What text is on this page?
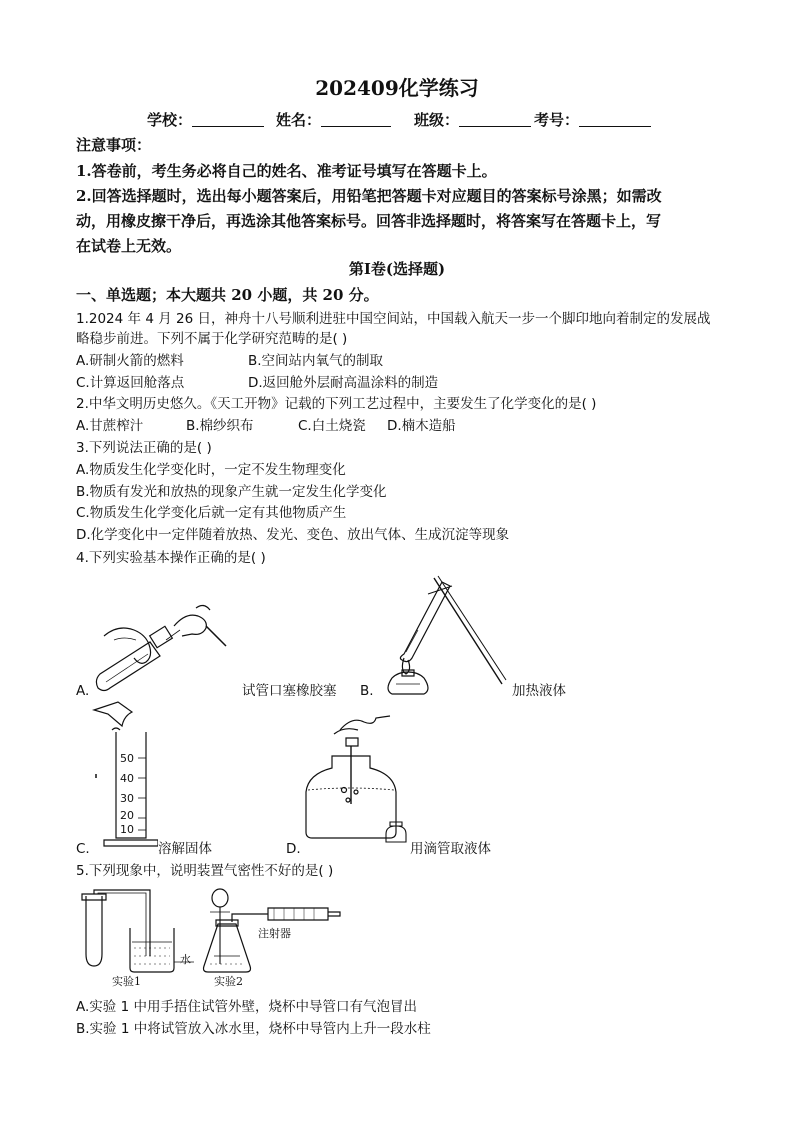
202409化学练习
学校：	姓名：	班级：	考号：
注意事项：
1.答卷前，考生务必将自己的姓名、准考证号填写在答题卡上。
2.回答选择题时，选出每小题答案后，用铅笔把答题卡对应题目的答案标号涂黑；如需改
动，用橡皮擦干净后，再选涂其他答案标号。回答非选择题时，将答案写在答题卡上，写
在试卷上无效。
第Ⅰ卷(选择题)
一、单选题；本大题共 20 小题，共 20 分。
1.2024 年 4 月 26 日，神舟十八号顺利进驻中国空间站，中国载入航天一步一个脚印地向着制定的发展战
略稳步前进。下列不属于化学研究范畴的是( )
A.研制火箭的燃料	B.空间站内氧气的制取
C.计算返回舱落点	D.返回舱外层耐高温涂料的制造
2.中华文明历史悠久。《天工开物》记载的下列工艺过程中，主要发生了化学变化的是( )
A.甘蔗榨汁	B.棉纱织布	C.白土烧瓷 D.楠木造船
3.下列说法正确的是( )
A.物质发生化学变化时，一定不发生物理变化
B.物质有发光和放热的现象产生就一定发生化学变化
C.物质发生化学变化后就一定有其他物质产生
D.化学变化中一定伴随着放热、发光、变色、放出气体、生成沉淀等现象
4.下列实验基本操作正确的是( )
A.	试管口塞橡胶塞 B.	加热液体
50
40
30
20
10
C.	溶解固体	D.	用滴管取液体
5.下列现象中，说明装置气密性不好的是( )
水
实验1	实验2
注射器
A.实验 1 中用手捂住试管外壁，烧杯中导管口有气泡冒出
B.实验 1 中将试管放入冰水里，烧杯中导管内上升一段水柱
